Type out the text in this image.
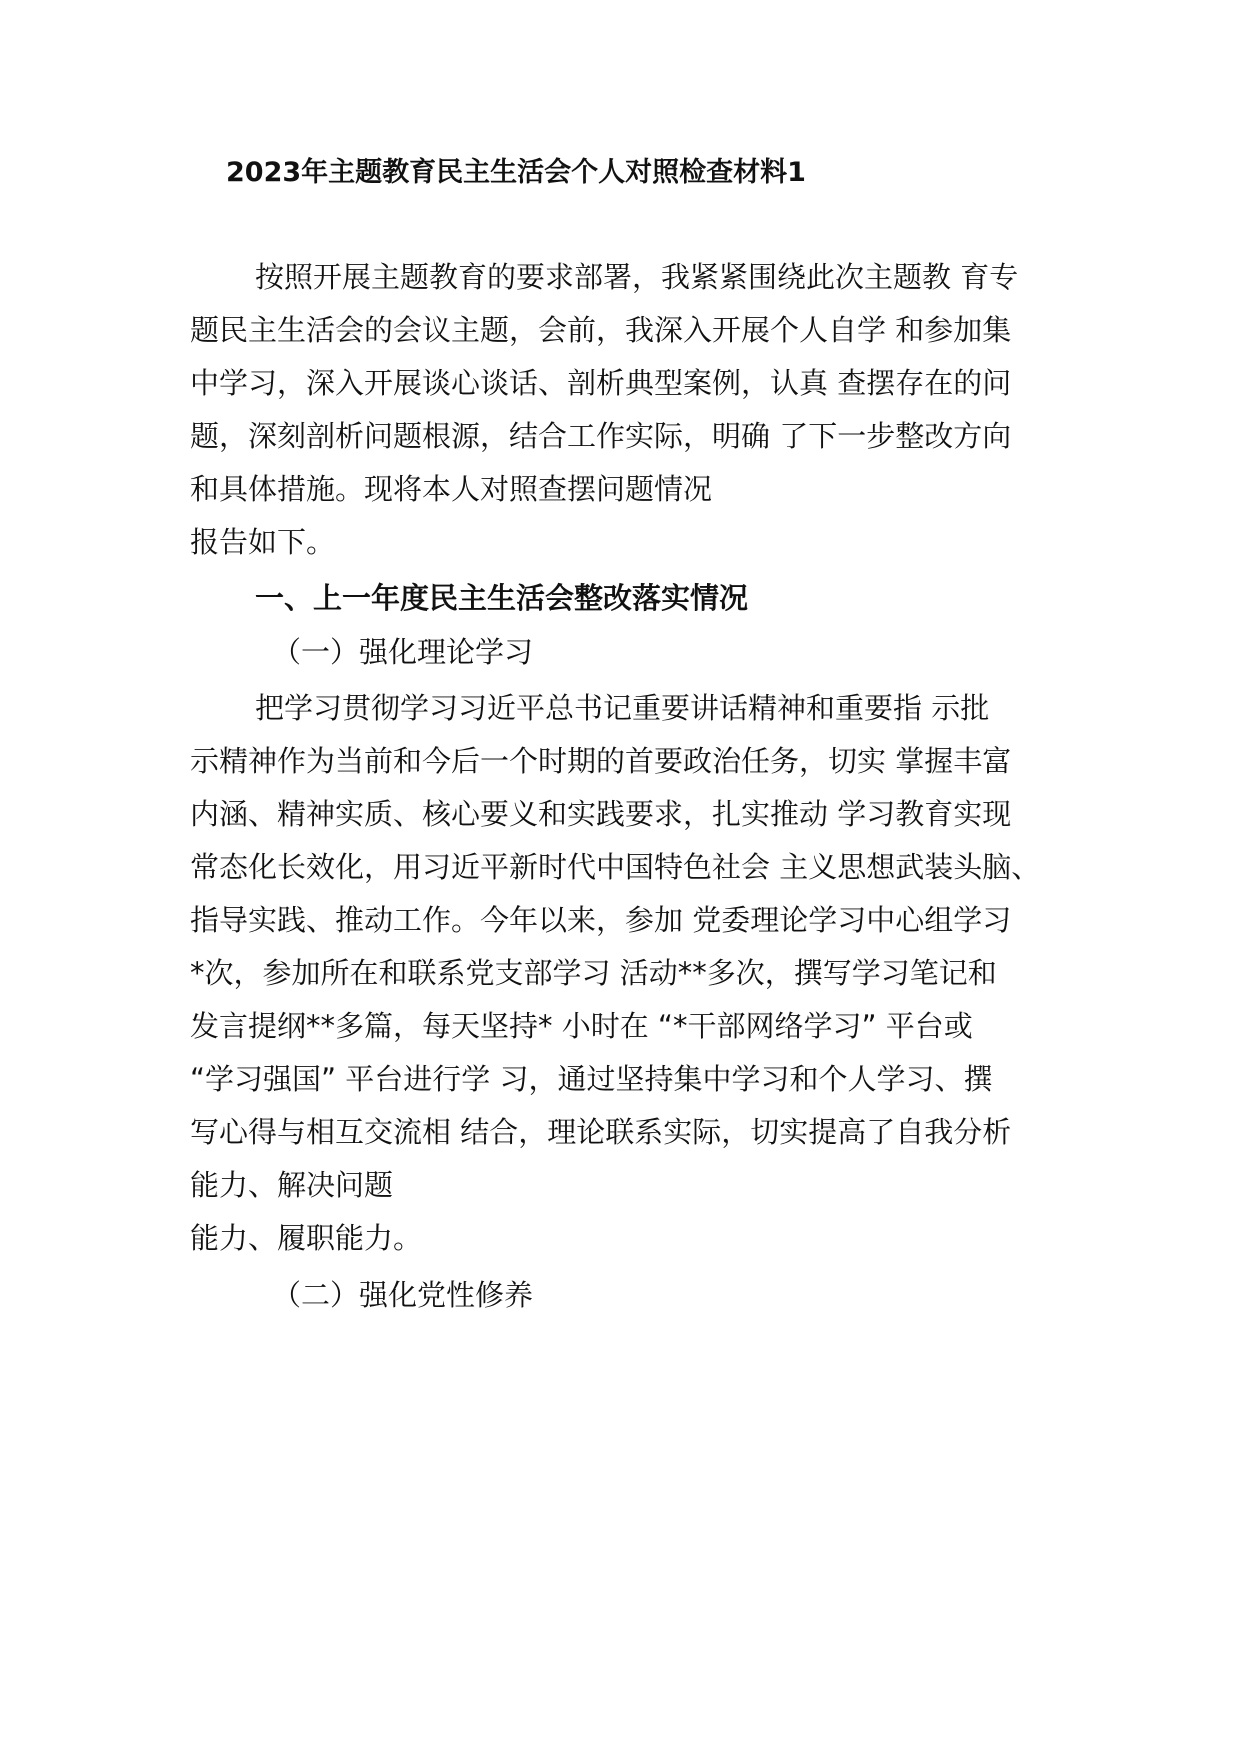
2023年主题教育民主生活会个人对照检查材料1
按照开展主题教育的要求部署，我紧紧围绕此次主题教 育专
题民主生活会的会议主题，会前，我深入开展个人自学 和参加集
中学习，深入开展谈心谈话、剖析典型案例，认真 查摆存在的问
题，深刻剖析问题根源，结合工作实际，明确 了下一步整改方向
和具体措施。现将本人对照查摆问题情况
报告如下。
一、上一年度民主生活会整改落实情况
（一）强化理论学习
把学习贯彻学习习近平总书记重要讲话精神和重要指 示批
示精神作为当前和今后一个时期的首要政治任务，切实 掌握丰富
内涵、精神实质、核心要义和实践要求，扎实推动 学习教育实现
常态化长效化，用习近平新时代中国特色社会 主义思想武装头脑、
指导实践、推动工作。今年以来，参加 党委理论学习中心组学习
*次，参加所在和联系党支部学习 活动**多次，撰写学习笔记和
发言提纲**多篇，每天坚持* 小时在 “*干部网络学习” 平台或
“学习强国” 平台进行学 习，通过坚持集中学习和个人学习、撰
写心得与相互交流相 结合，理论联系实际，切实提高了自我分析
能力、解决问题
能力、履职能力。
（二）强化党性修养
